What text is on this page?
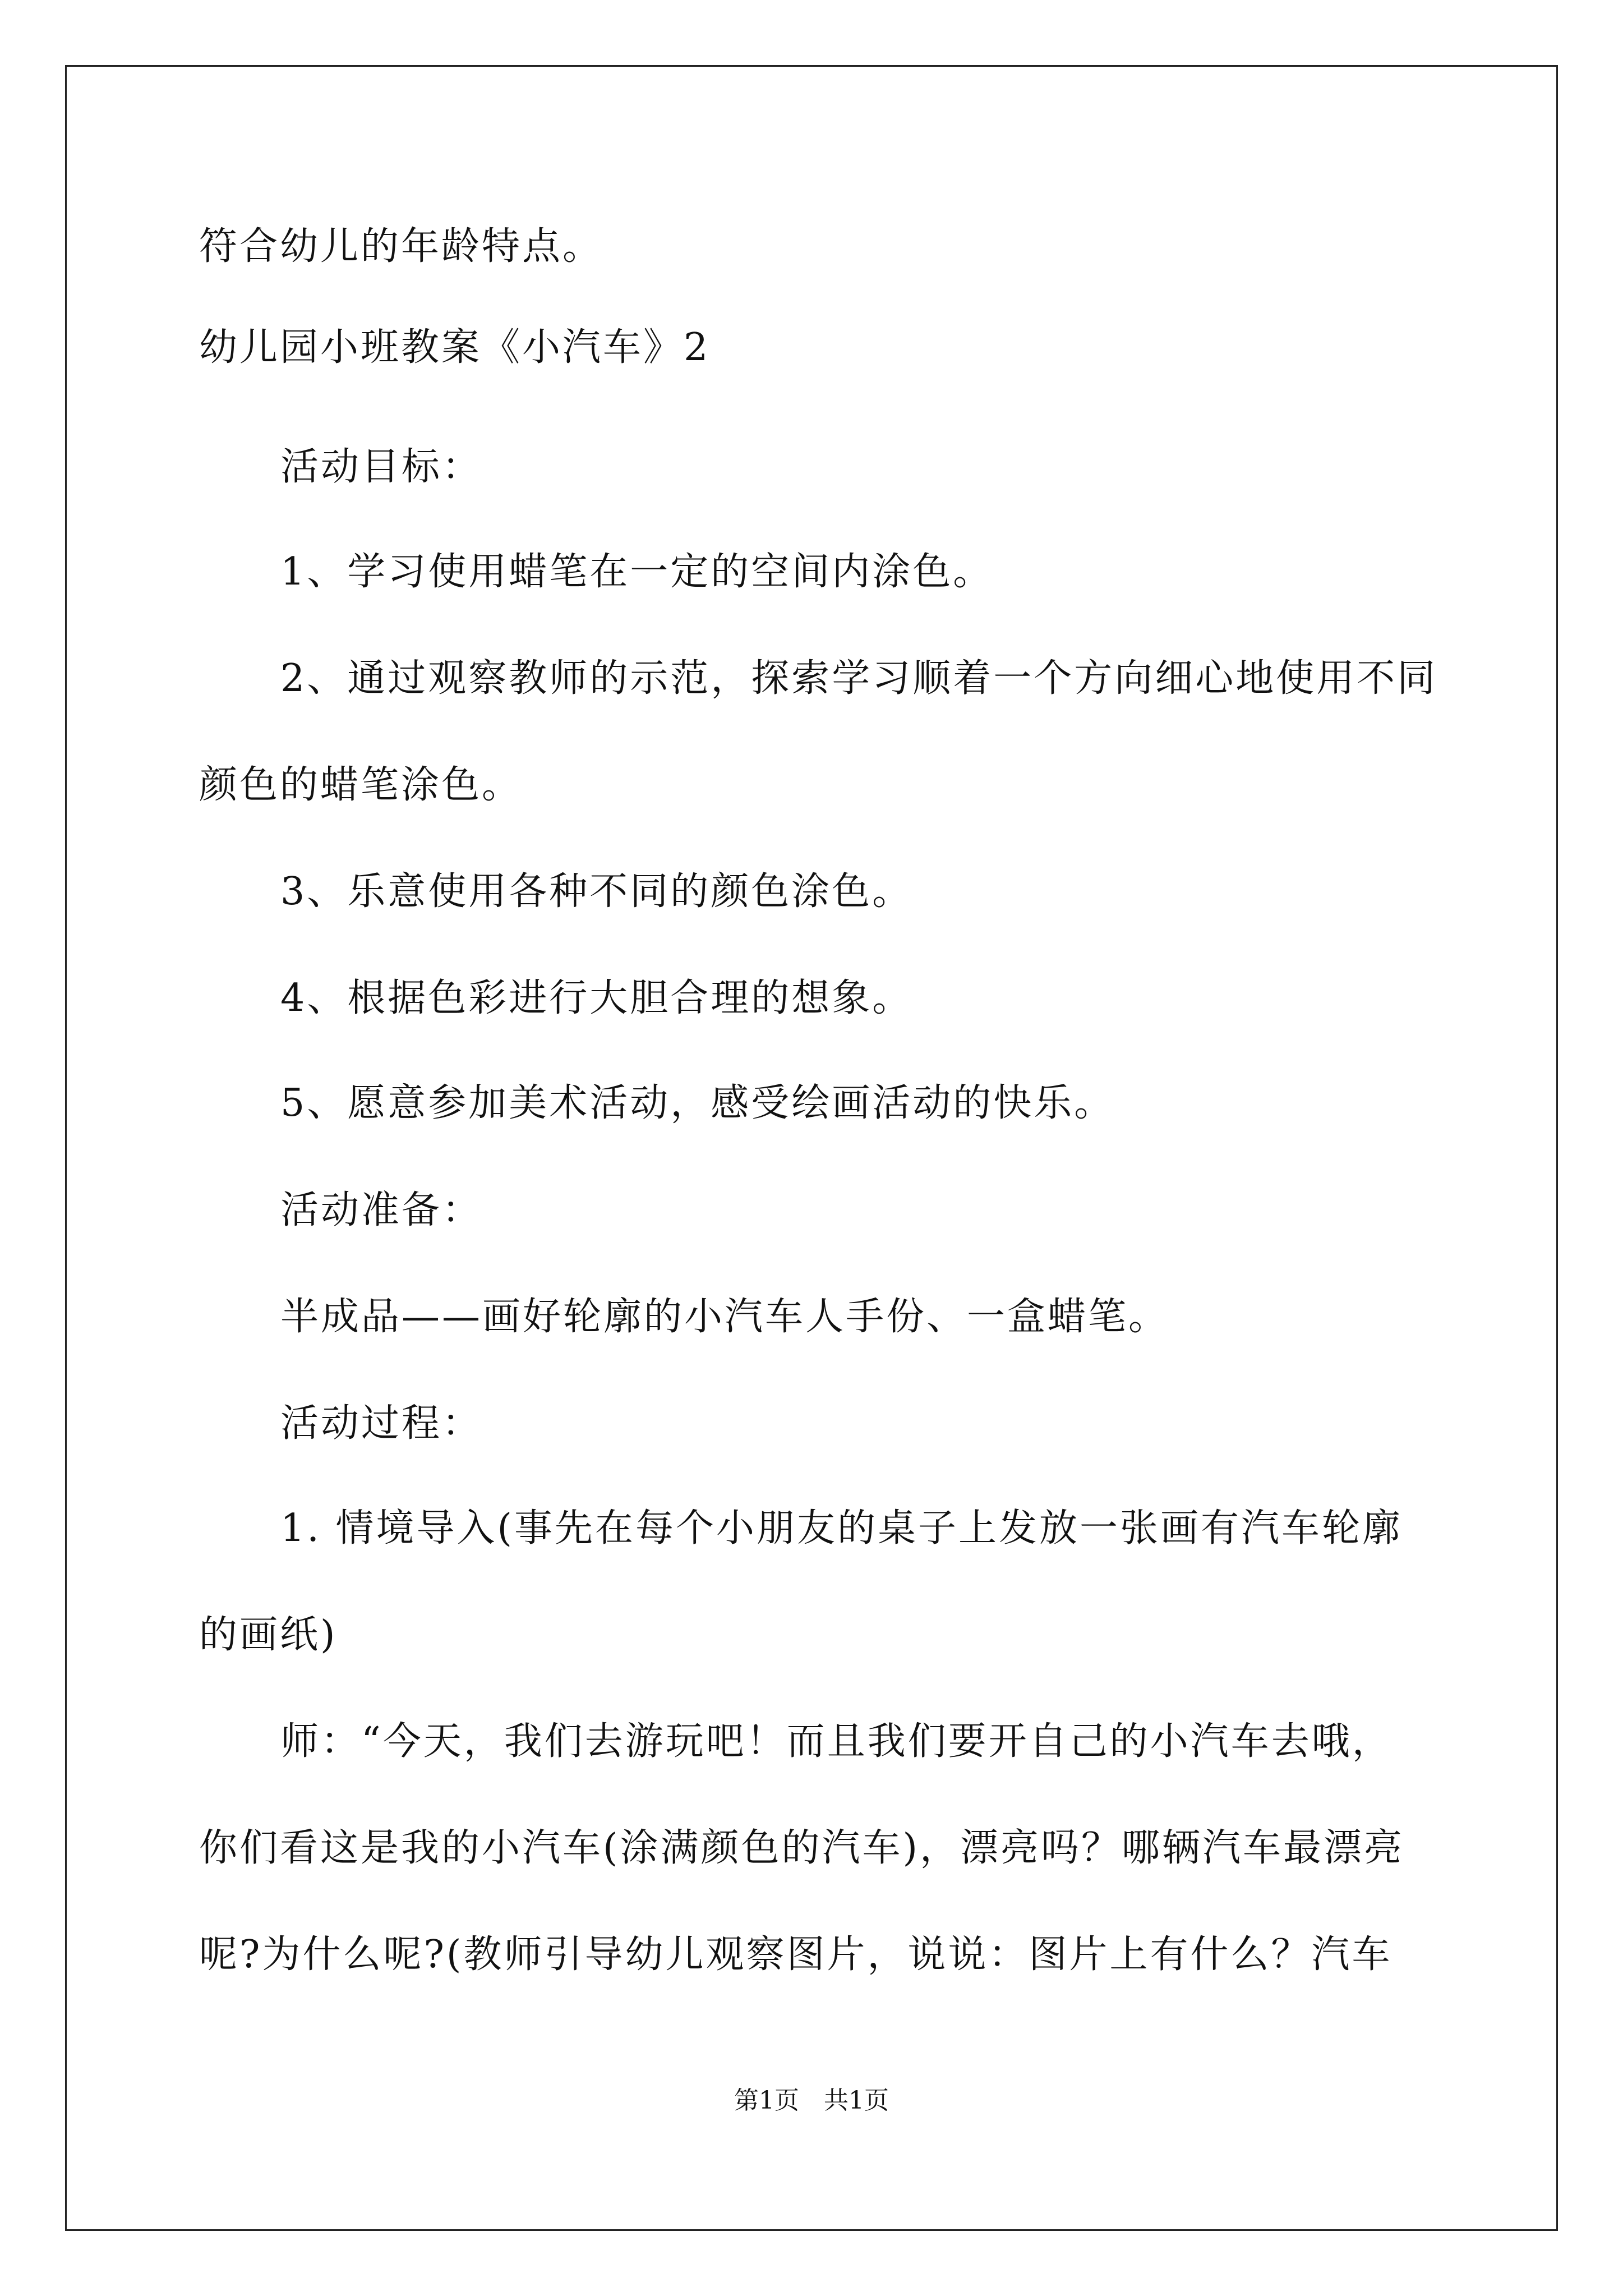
符合幼儿的年龄特点。
幼儿园小班教案《小汽车》2
活动目标：
1、学习使用蜡笔在一定的空间内涂色。
2、通过观察教师的示范，探索学习顺着一个方向细心地使用不同
颜色的蜡笔涂色。
3、乐意使用各种不同的颜色涂色。
4、根据色彩进行大胆合理的想象。
5、愿意参加美术活动，感受绘画活动的快乐。
活动准备：
半成品——画好轮廓的小汽车人手份、一盒蜡笔。
活动过程：
1. 情境导入(事先在每个小朋友的桌子上发放一张画有汽车轮廓
的画纸)
师：“今天，我们去游玩吧！而且我们要开自己的小汽车去哦，
你们看这是我的小汽车(涂满颜色的汽车)，漂亮吗？哪辆汽车最漂亮
呢?为什么呢?(教师引导幼儿观察图片，说说：图片上有什么？汽车
第1页　共1页
